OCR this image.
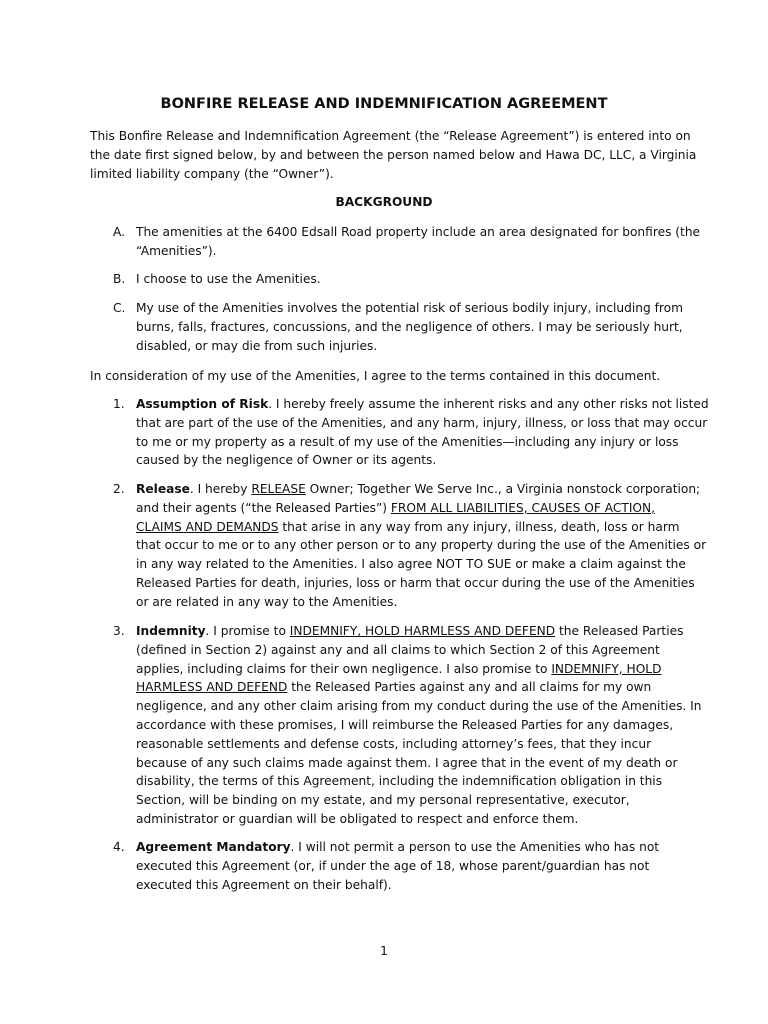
BONFIRE RELEASE AND INDEMNIFICATION AGREEMENT
This Bonfire Release and Indemnification Agreement (the “Release Agreement”) is entered into on
the date first signed below, by and between the person named below and Hawa DC, LLC, a Virginia
limited liability company (the “Owner”).
BACKGROUND
A. The amenities at the 6400 Edsall Road property include an area designated for bonfires (the
“Amenities”).
B. I choose to use the Amenities.
C. My use of the Amenities involves the potential risk of serious bodily injury, including from
burns, falls, fractures, concussions, and the negligence of others. I may be seriously hurt,
disabled, or may die from such injuries.
In consideration of my use of the Amenities, I agree to the terms contained in this document.
1. Assumption of Risk. I hereby freely assume the inherent risks and any other risks not listed
that are part of the use of the Amenities, and any harm, injury, illness, or loss that may occur
to me or my property as a result of my use of the Amenities—including any injury or loss
caused by the negligence of Owner or its agents.
2. Release. I hereby RELEASE Owner; Together We Serve Inc., a Virginia nonstock corporation;
and their agents (“the Released Parties”) FROM ALL LIABILITIES, CAUSES OF ACTION,
CLAIMS AND DEMANDS that arise in any way from any injury, illness, death, loss or harm
that occur to me or to any other person or to any property during the use of the Amenities or
in any way related to the Amenities. I also agree NOT TO SUE or make a claim against the
Released Parties for death, injuries, loss or harm that occur during the use of the Amenities
or are related in any way to the Amenities.
3. Indemnity. I promise to INDEMNIFY, HOLD HARMLESS AND DEFEND the Released Parties
(defined in Section 2) against any and all claims to which Section 2 of this Agreement
applies, including claims for their own negligence. I also promise to INDEMNIFY, HOLD
HARMLESS AND DEFEND the Released Parties against any and all claims for my own
negligence, and any other claim arising from my conduct during the use of the Amenities. In
accordance with these promises, I will reimburse the Released Parties for any damages,
reasonable settlements and defense costs, including attorney’s fees, that they incur
because of any such claims made against them. I agree that in the event of my death or
disability, the terms of this Agreement, including the indemnification obligation in this
Section, will be binding on my estate, and my personal representative, executor,
administrator or guardian will be obligated to respect and enforce them.
4. Agreement Mandatory. I will not permit a person to use the Amenities who has not
executed this Agreement (or, if under the age of 18, whose parent/guardian has not
executed this Agreement on their behalf).
1
